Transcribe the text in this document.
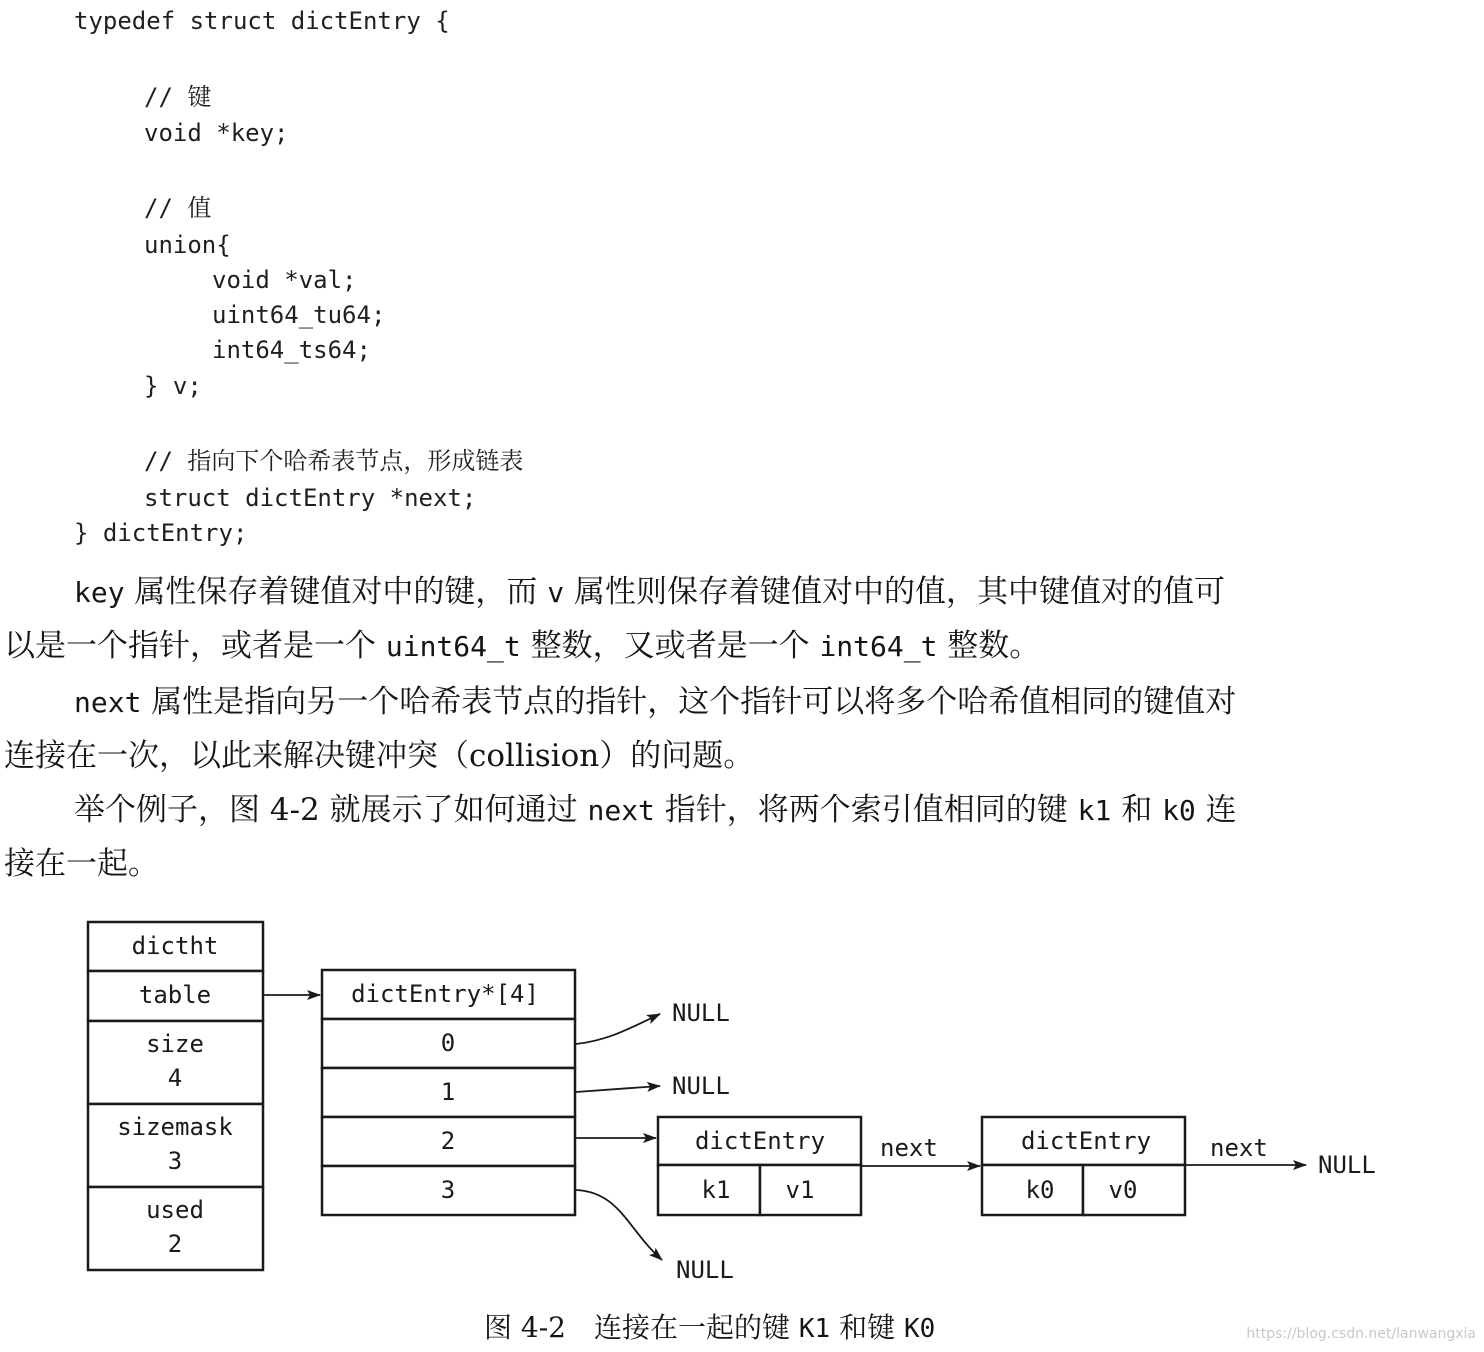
typedef struct dictEntry {
// 键
void *key;
// 值
union{
void *val;
uint64_tu64;
int64_ts64;
} v;
// 指向下个哈希表节点，形成链表
struct dictEntry *next;
} dictEntry;
key 属性保存着键值对中的键，而 v 属性则保存着键值对中的值，其中键值对的值可
以是一个指针，或者是一个 uint64_t 整数，又或者是一个 int64_t 整数。
next 属性是指向另一个哈希表节点的指针，这个指针可以将多个哈希值相同的键值对
连接在一次，以此来解决键冲突（collision）的问题。
举个例子，图 4-2 就展示了如何通过 next 指针，将两个索引值相同的键 k1 和 k0 连
接在一起。
dictht
table
size
4
sizemask
3
used
2
dictEntry*[4]
0
1
2
3
NULL
NULL
NULL
dictEntry
k1 v1
next	dictEntry
k0 v0
next
NULL
图 4-2　连接在一起的键 K1 和键 K0	https://blog.csdn.net/lanwangxia
